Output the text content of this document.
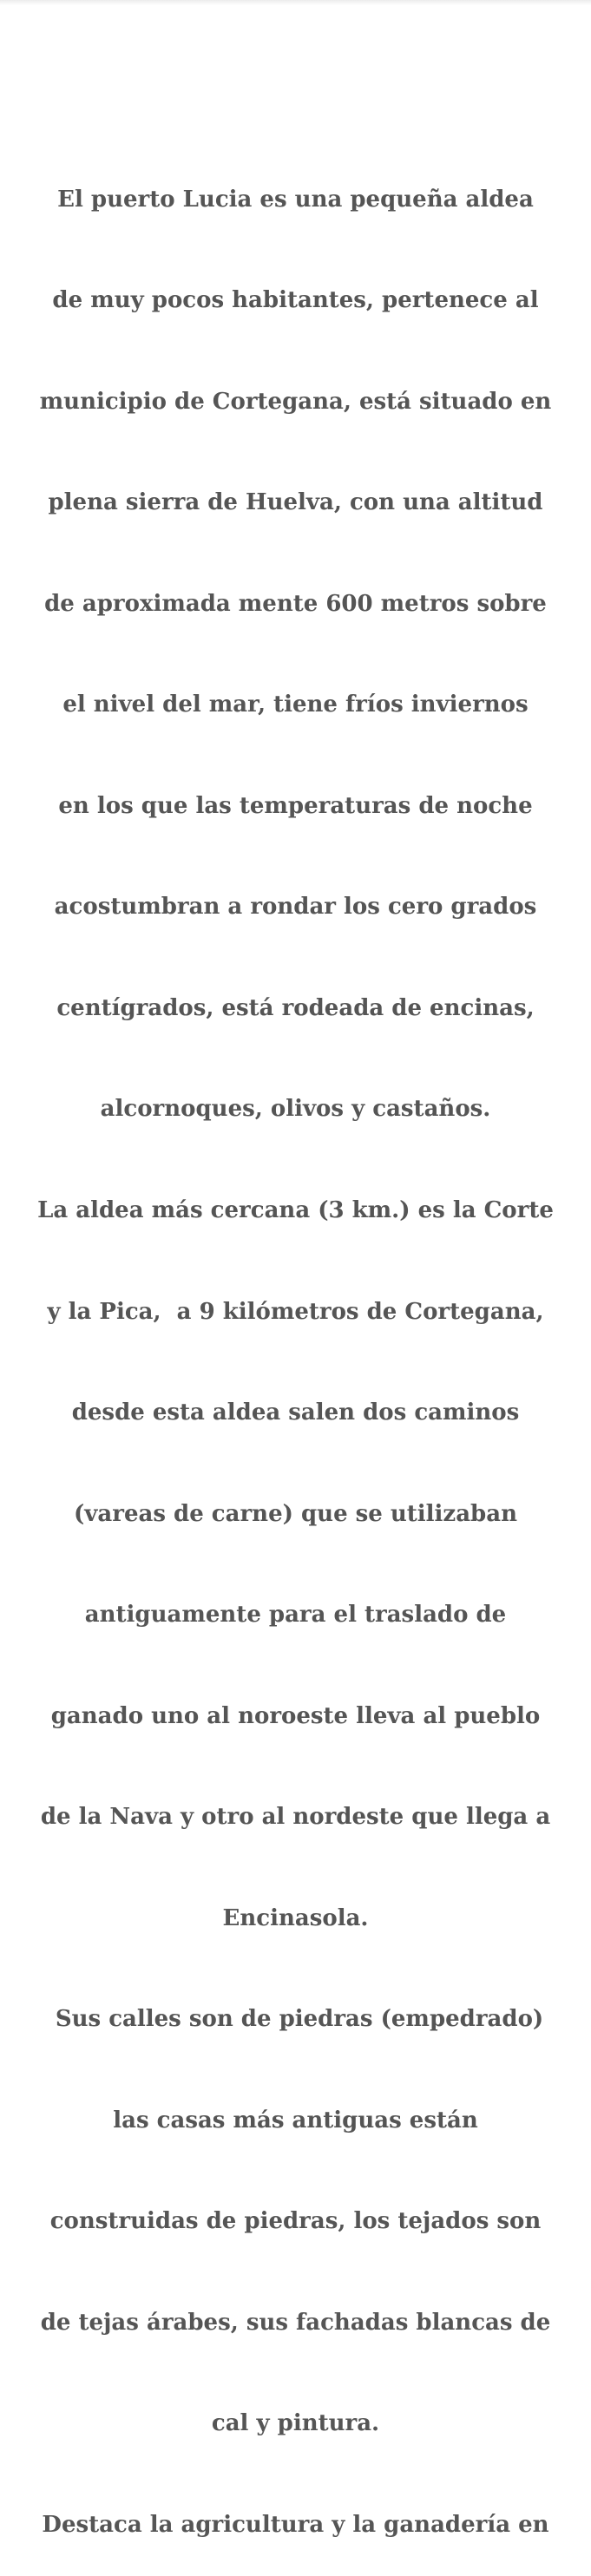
El puerto Lucia es una pequeña aldea

de muy pocos habitantes, pertenece al

municipio de Cortegana, está situado en

plena sierra de Huelva, con una altitud

de aproximada mente 600 metros sobre

el nivel del mar, tiene fríos inviernos

en los que las temperaturas de noche

acostumbran a rondar los cero grados

centígrados, está rodeada de encinas,

alcornoques, olivos y castaños.

La aldea más cercana (3 km.) es la Corte

y la Pica,  a 9 kilómetros de Cortegana,

desde esta aldea salen dos caminos

(vareas de carne) que se utilizaban

antiguamente para el traslado de

ganado uno al noroeste lleva al pueblo

de la Nava y otro al nordeste que llega a

Encinasola.

Sus calles son de piedras (empedrado)

las casas más antiguas están

construidas de piedras, los tejados son

de tejas árabes, sus fachadas blancas de

cal y pintura.

Destaca la agricultura y la ganadería en
